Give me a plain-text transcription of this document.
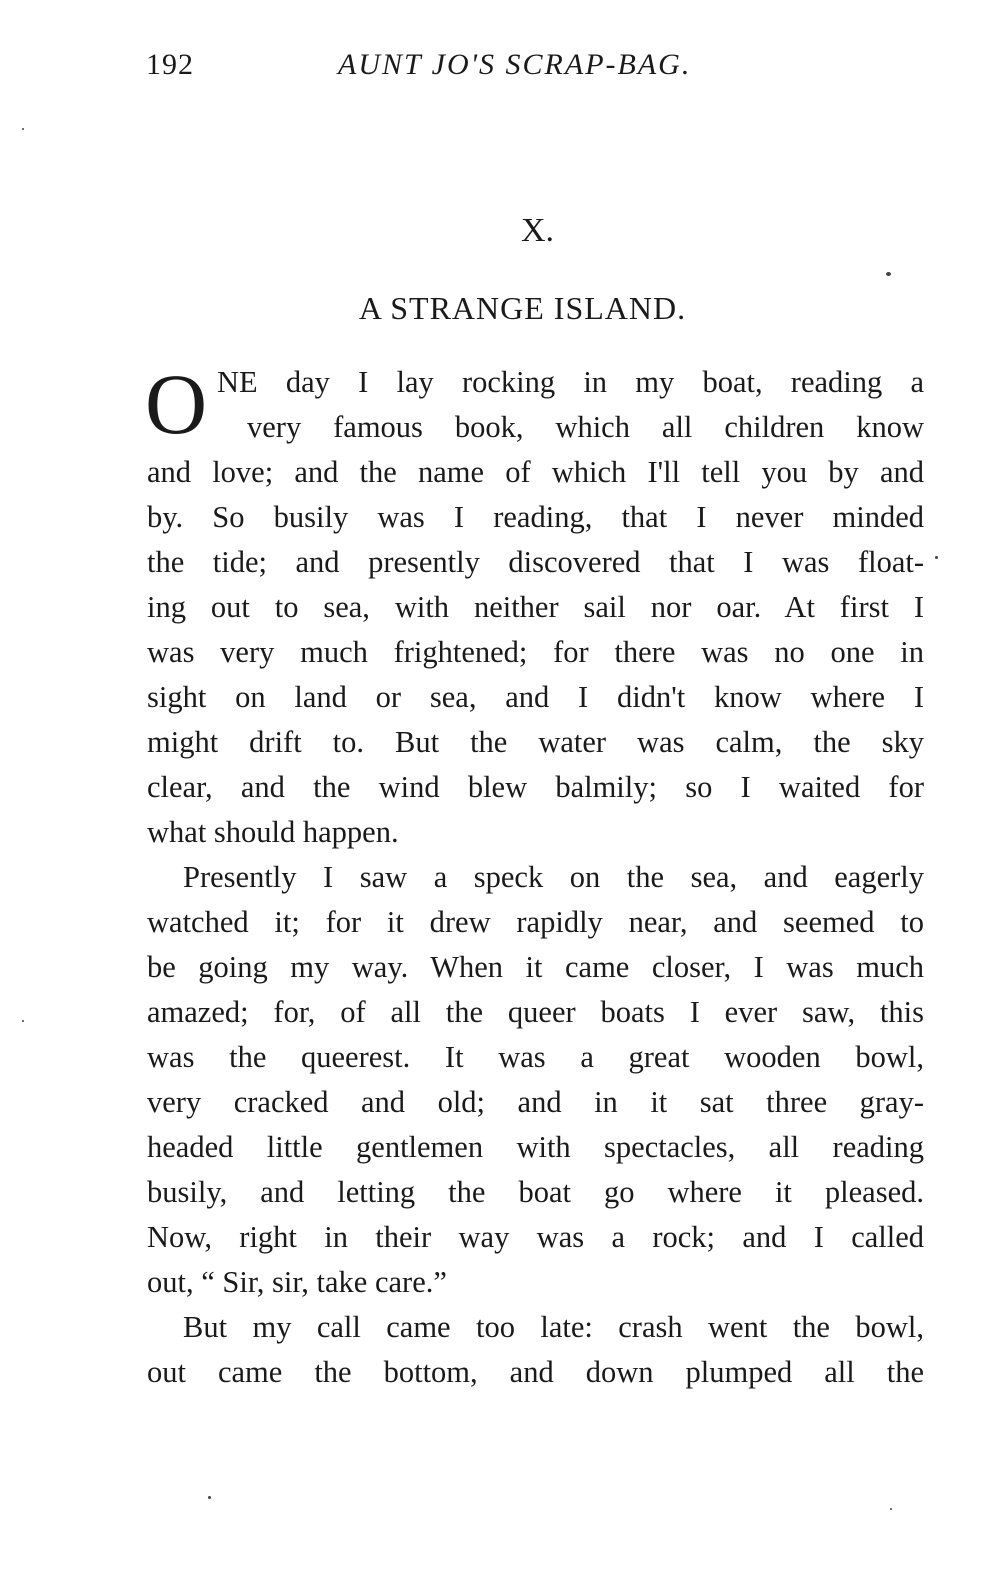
192	AUNT JO'S SCRAP-BAG.
X.
A STRANGE ISLAND.
O NE day I lay rocking in my boat, reading a
very famous book, which all children know
and love; and the name of which I'll tell you by and
by. So busily was I reading, that I never minded
the tide; and presently discovered that I was float-
ing out to sea, with neither sail nor oar. At first I
was very much frightened; for there was no one in
sight on land or sea, and I didn't know where I
might drift to. But the water was calm, the sky
clear, and the wind blew balmily; so I waited for
what should happen.
Presently I saw a speck on the sea, and eagerly
watched it; for it drew rapidly near, and seemed to
be going my way. When it came closer, I was much
amazed; for, of all the queer boats I ever saw, this
was the queerest. It was a great wooden bowl,
very cracked and old; and in it sat three gray-
headed little gentlemen with spectacles, all reading
busily, and letting the boat go where it pleased.
Now, right in their way was a rock; and I called
out, “ Sir, sir, take care.”
But my call came too late: crash went the bowl,
out came the bottom, and down plumped all the
